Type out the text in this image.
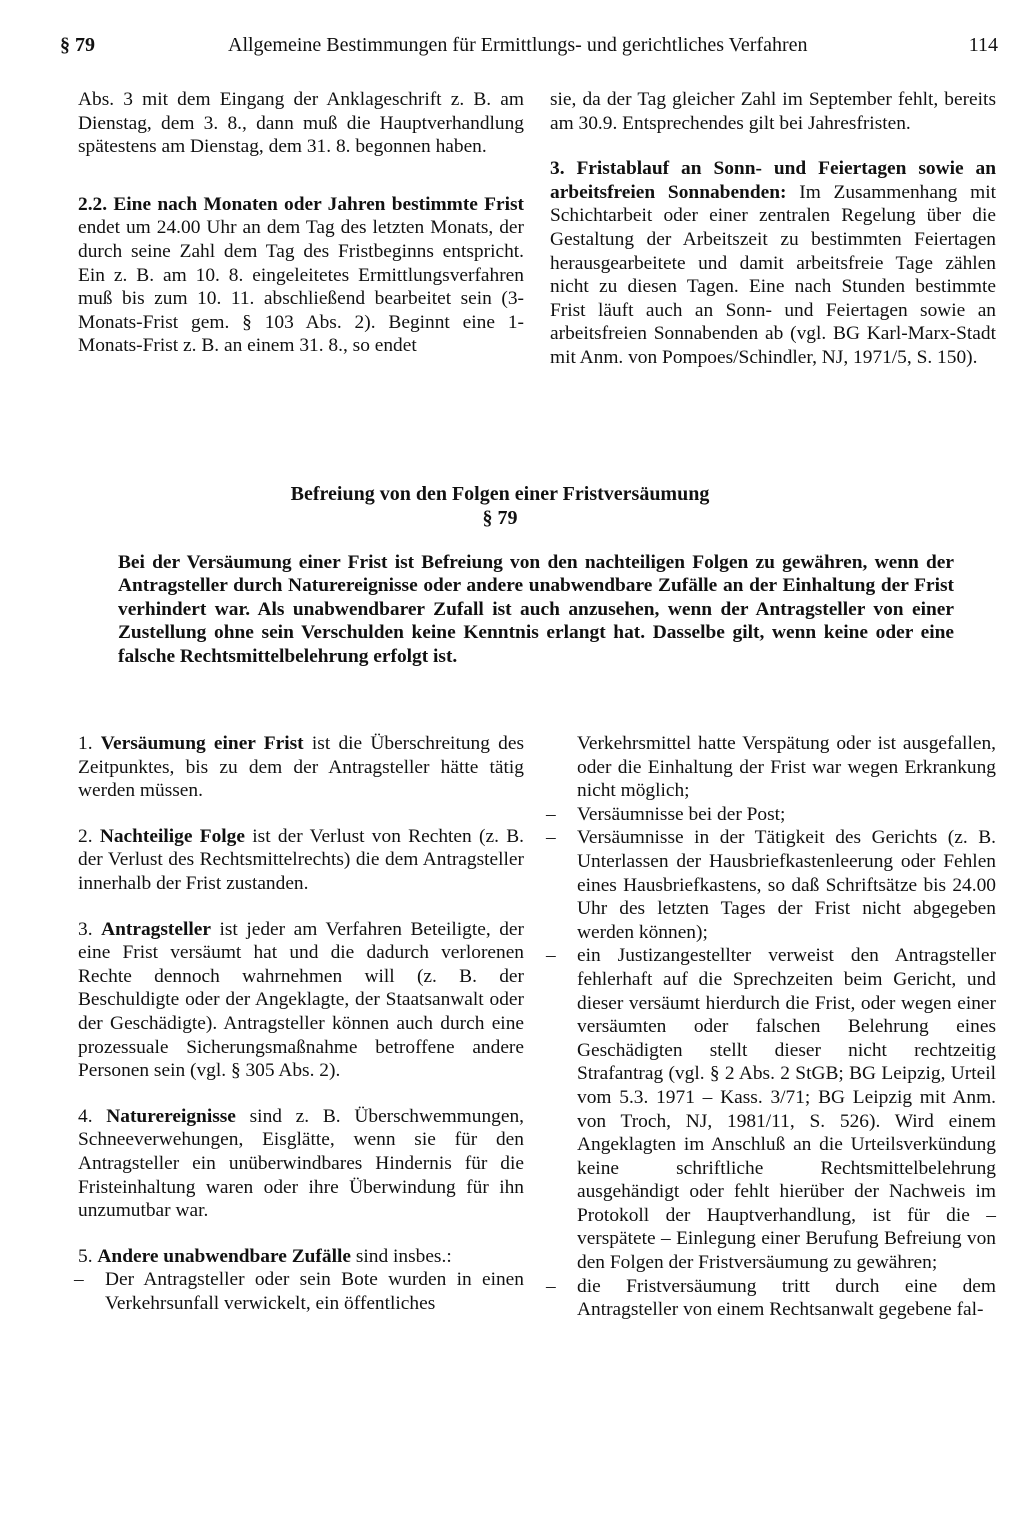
§ 79	Allgemeine Bestimmungen für Ermittlungs- und gerichtliches Verfahren	114

Abs. 3 mit dem Eingang der Anklageschrift z. B. am Dienstag, dem 3. 8., dann muß die Hauptverhandlung spätestens am Dienstag, dem 31. 8. begonnen haben.

2.2. Eine nach Monaten oder Jahren bestimmte Frist endet um 24.00 Uhr an dem Tag des letzten Monats, der durch seine Zahl dem Tag des Fristbeginns entspricht. Ein z. B. am 10. 8. eingeleitetes Ermittlungsverfahren muß bis zum 10. 11. abschließend bearbeitet sein (3-Monats-Frist gem. § 103 Abs. 2). Beginnt eine 1-Monats-Frist z. B. an einem 31. 8., so endet

sie, da der Tag gleicher Zahl im September fehlt, bereits am 30.9. Entsprechendes gilt bei Jahresfristen.

3. Fristablauf an Sonn- und Feiertagen sowie an arbeitsfreien Sonnabenden: Im Zusammenhang mit Schichtarbeit oder einer zentralen Regelung über die Gestaltung der Arbeitszeit zu bestimmten Feiertagen herausgearbeitete und damit arbeitsfreie Tage zählen nicht zu diesen Tagen. Eine nach Stunden bestimmte Frist läuft auch an Sonn- und Feiertagen sowie an arbeitsfreien Sonnabenden ab (vgl. BG Karl-Marx-Stadt mit Anm. von Pompoes/Schindler, NJ, 1971/5, S. 150).

Befreiung von den Folgen einer Fristversäumung
§ 79
Bei der Versäumung einer Frist ist Befreiung von den nachteiligen Folgen zu gewähren, wenn der Antragsteller durch Naturereignisse oder andere unabwendbare Zufälle an der Einhaltung der Frist verhindert war. Als unabwendbarer Zufall ist auch anzusehen, wenn der Antragsteller von einer Zustellung ohne sein Verschulden keine Kenntnis erlangt hat. Dasselbe gilt, wenn keine oder eine falsche Rechtsmittelbelehrung erfolgt ist.

1. Versäumung einer Frist ist die Überschreitung des Zeitpunktes, bis zu dem der Antragsteller hätte tätig werden müssen.

2. Nachteilige Folge ist der Verlust von Rechten (z. B. der Verlust des Rechtsmittelrechts) die dem Antragsteller innerhalb der Frist zustanden.

3. Antragsteller ist jeder am Verfahren Beteiligte, der eine Frist versäumt hat und die dadurch verlorenen Rechte dennoch wahrnehmen will (z. B. der Beschuldigte oder der Angeklagte, der Staatsanwalt oder der Geschädigte). Antragsteller können auch durch eine prozessuale Sicherungsmaßnahme betroffene andere Personen sein (vgl. § 305 Abs. 2).

4. Naturereignisse sind z. B. Überschwemmungen, Schneeverwehungen, Eisglätte, wenn sie für den Antragsteller ein unüberwindbares Hindernis für die Fristeinhaltung waren oder ihre Überwindung für ihn unzumutbar war.

5. Andere unabwendbare Zufälle sind insbes.:

– Der Antragsteller oder sein Bote wurden in einen Verkehrsunfall verwickelt, ein öffentliches
Verkehrsmittel hatte Verspätung oder ist ausgefallen, oder die Einhaltung der Frist war wegen Erkrankung nicht möglich;
– Versäumnisse bei der Post;
– Versäumnisse in der Tätigkeit des Gerichts (z. B. Unterlassen der Hausbriefkastenleerung oder Fehlen eines Hausbriefkastens, so daß Schriftsätze bis 24.00 Uhr des letzten Tages der Frist nicht abgegeben werden können);
– ein Justizangestellter verweist den Antragsteller fehlerhaft auf die Sprechzeiten beim Gericht, und dieser versäumt hierdurch die Frist, oder wegen einer versäumten oder falschen Belehrung eines Geschädigten stellt dieser nicht rechtzeitig Strafantrag (vgl. § 2 Abs. 2 StGB; BG Leipzig, Urteil vom 5.3. 1971 – Kass. 3/71; BG Leipzig mit Anm. von Troch, NJ, 1981/11, S. 526). Wird einem Angeklagten im Anschluß an die Urteilsverkündung keine schriftliche Rechtsmittelbelehrung ausgehändigt oder fehlt hierüber der Nachweis im Protokoll der Hauptverhandlung, ist für die – verspätete – Einlegung einer Berufung Befreiung von den Folgen der Fristversäumung zu gewähren;
– die Fristversäumung tritt durch eine dem Antragsteller von einem Rechtsanwalt gegebene fal-
